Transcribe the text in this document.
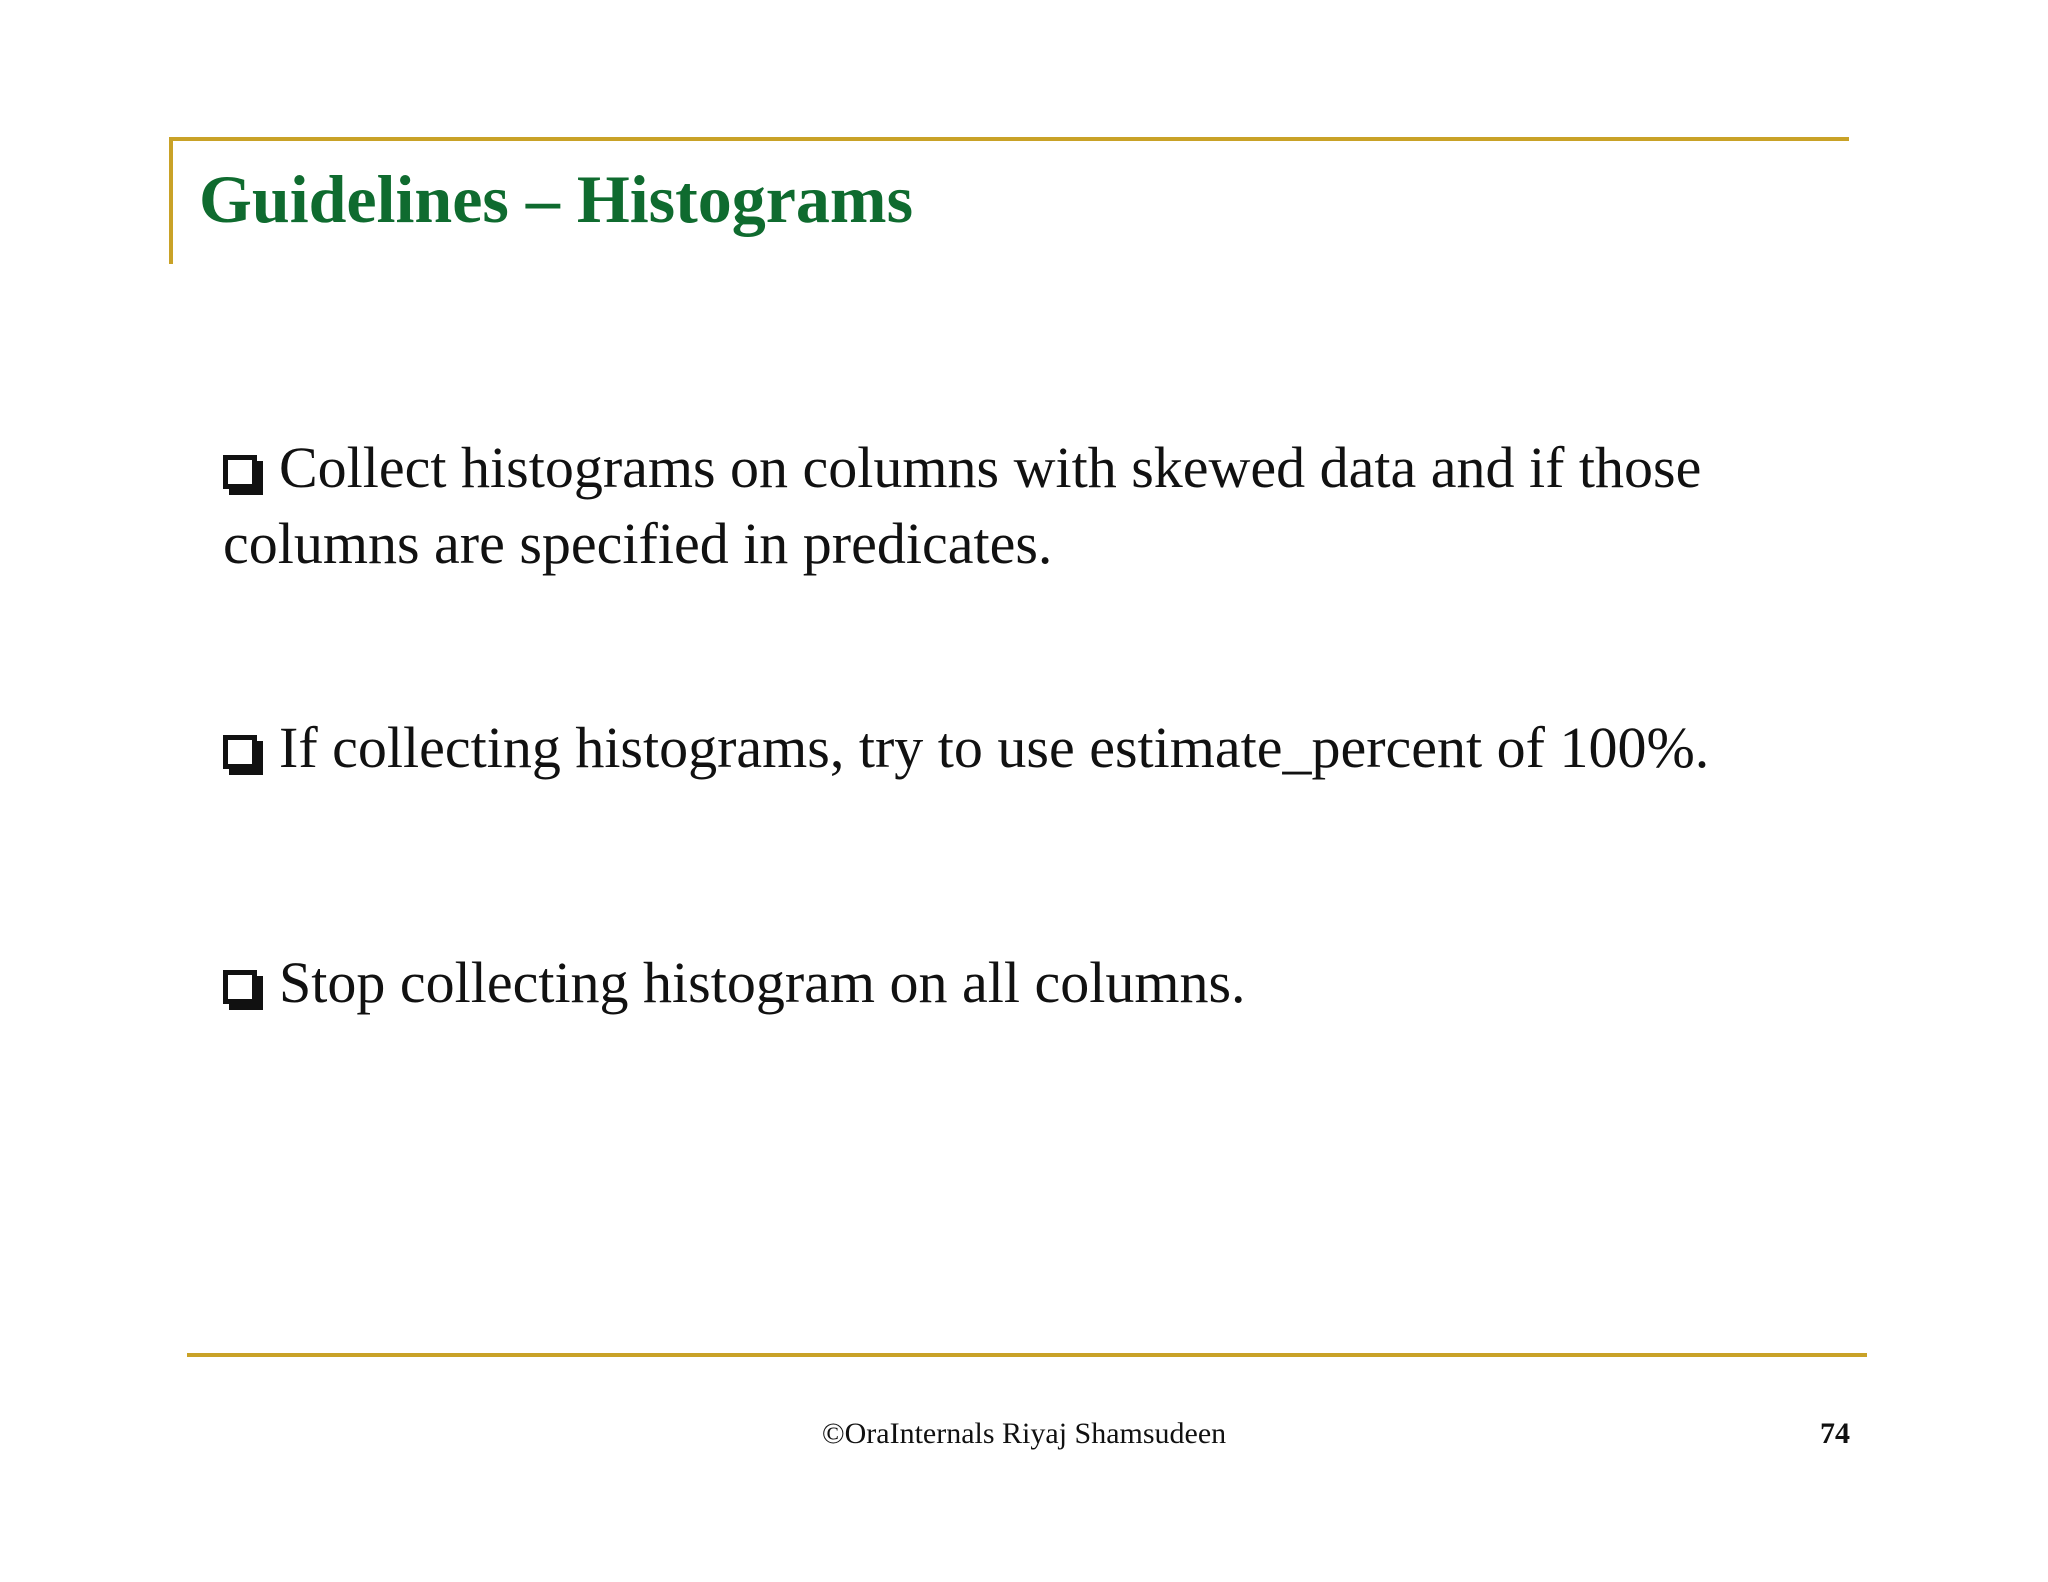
Guidelines – Histograms
Collect histograms on columns with skewed data and if those columns are specified in predicates.
If collecting histograms, try to use estimate_percent of 100%.
Stop collecting histogram on all columns.
©OraInternals Riyaj Shamsudeen	74
